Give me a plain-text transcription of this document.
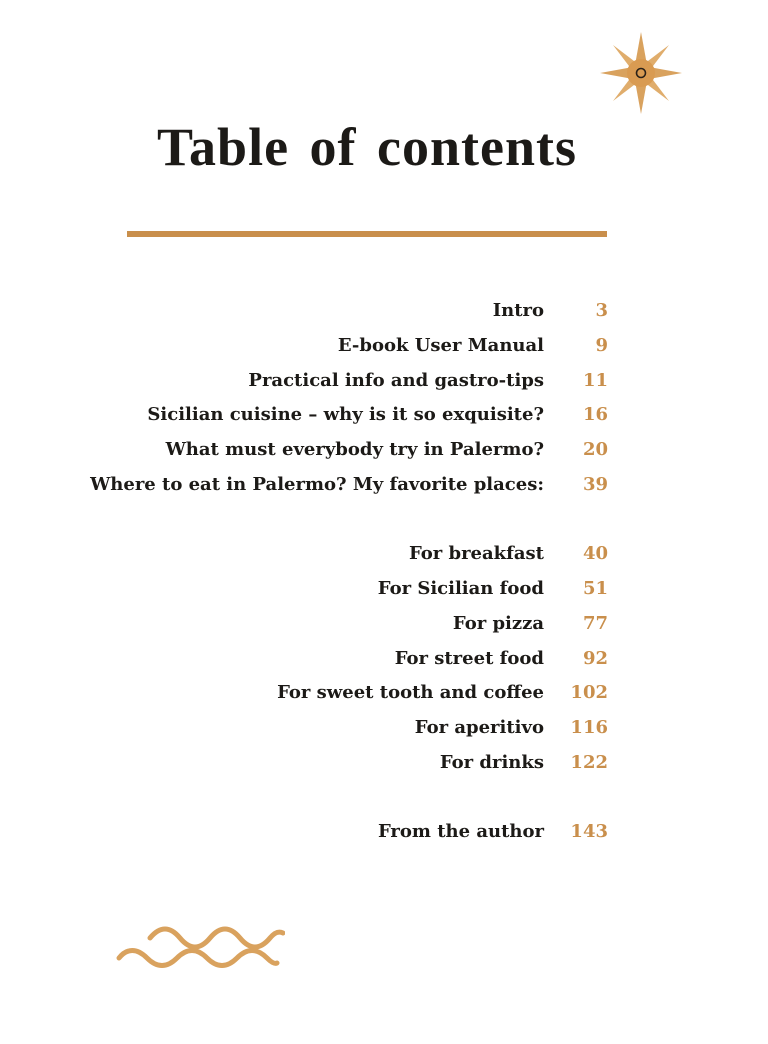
Table of contents
Intro	3
E-book User Manual	9
Practical info and gastro-tips 11
Sicilian cuisine – why is it so exquisite? 16
What must everybody try in Palermo? 20
Where to eat in Palermo? My favorite places: 39
For breakfast 40
For Sicilian food 51
For pizza 77
For street food 92
For sweet tooth and coffee 102
For aperitivo 116
For drinks 122
From the author 143
